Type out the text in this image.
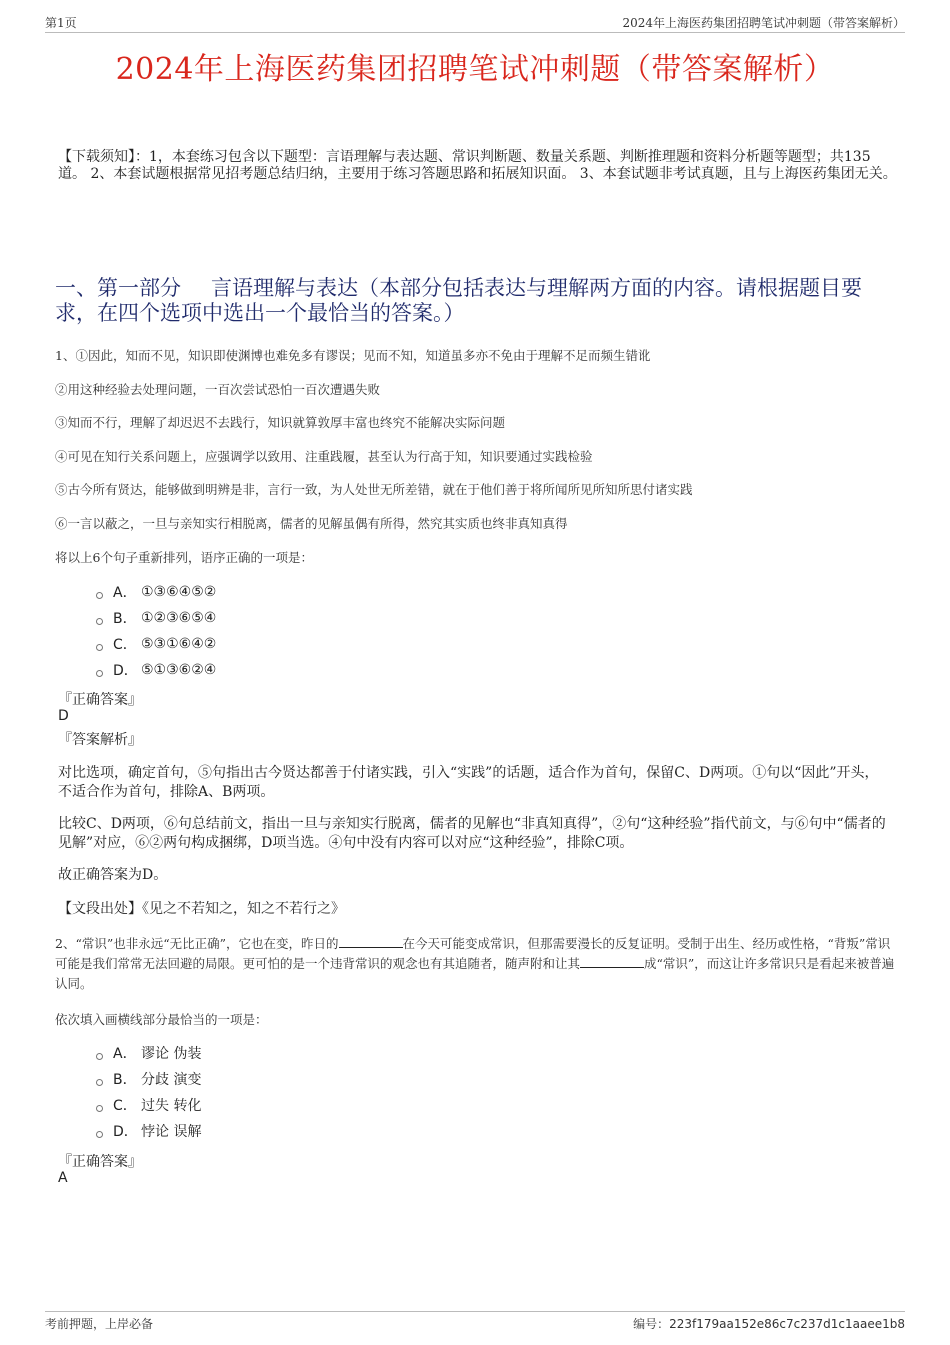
第1页	2024年上海医药集团招聘笔试冲刺题（带答案解析）
2024年上海医药集团招聘笔试冲刺题（带答案解析）
【下载须知】：1，本套练习包含以下题型：言语理解与表达题、常识判断题、数量关系题、判断推理题和资料分析题等题型；共135道。 2、本套试题根据常见招考题总结归纳，主要用于练习答题思路和拓展知识面。 3、本套试题非考试真题，且与上海医药集团无关。
一、第一部分 言语理解与表达（本部分包括表达与理解两方面的内容。请根据题目要求，在四个选项中选出一个最恰当的答案。）
1、①因此，知而不见，知识即使渊博也难免多有谬误；见而不知，知道虽多亦不免由于理解不足而频生错讹
②用这种经验去处理问题，一百次尝试恐怕一百次遭遇失败
③知而不行，理解了却迟迟不去践行，知识就算敦厚丰富也终究不能解决实际问题
④可见在知行关系问题上，应强调学以致用、注重践履，甚至认为行高于知，知识要通过实践检验
⑤古今所有贤达，能够做到明辨是非，言行一致，为人处世无所差错，就在于他们善于将所闻所见所知所思付诸实践
⑥一言以蔽之，一旦与亲知实行相脱离，儒者的见解虽偶有所得，然究其实质也终非真知真得
将以上6个句子重新排列，语序正确的一项是：
A． ①③⑥④⑤②
B． ①②③⑥⑤④
C． ⑤③①⑥④②
D． ⑤①③⑥②④
『正确答案』
D
『答案解析』
对比选项，确定首句，⑤句指出古今贤达都善于付诸实践，引入“实践”的话题，适合作为首句，保留C、D两项。①句以“因此”开头，不适合作为首句，排除A、B两项。
比较C、D两项，⑥句总结前文，指出一旦与亲知实行脱离，儒者的见解也“非真知真得”，②句“这种经验”指代前文，与⑥句中“儒者的见解”对应，⑥②两句构成捆绑，D项当选。④句中没有内容可以对应“这种经验”，排除C项。
故正确答案为D。
【文段出处】《见之不若知之，知之不若行之》
2、“常识”也非永远“无比正确”，它也在变，昨日的	在今天可能变成常识，但那需要漫长的反复证明。受制于出生、经历或性格，“背叛”常识可能是我们常常无法回避的局限。更可怕的是一个违背常识的观念也有其追随者，随声附和让其	成“常识”，而这让许多常识只是看起来被普遍认同。
依次填入画横线部分最恰当的一项是：
A． 谬论 伪装
B． 分歧 演变
C． 过失 转化
D． 悖论 误解
『正确答案』
A
考前押题，上岸必备	编号：223f179aa152e86c7c237d1c1aaee1b8
